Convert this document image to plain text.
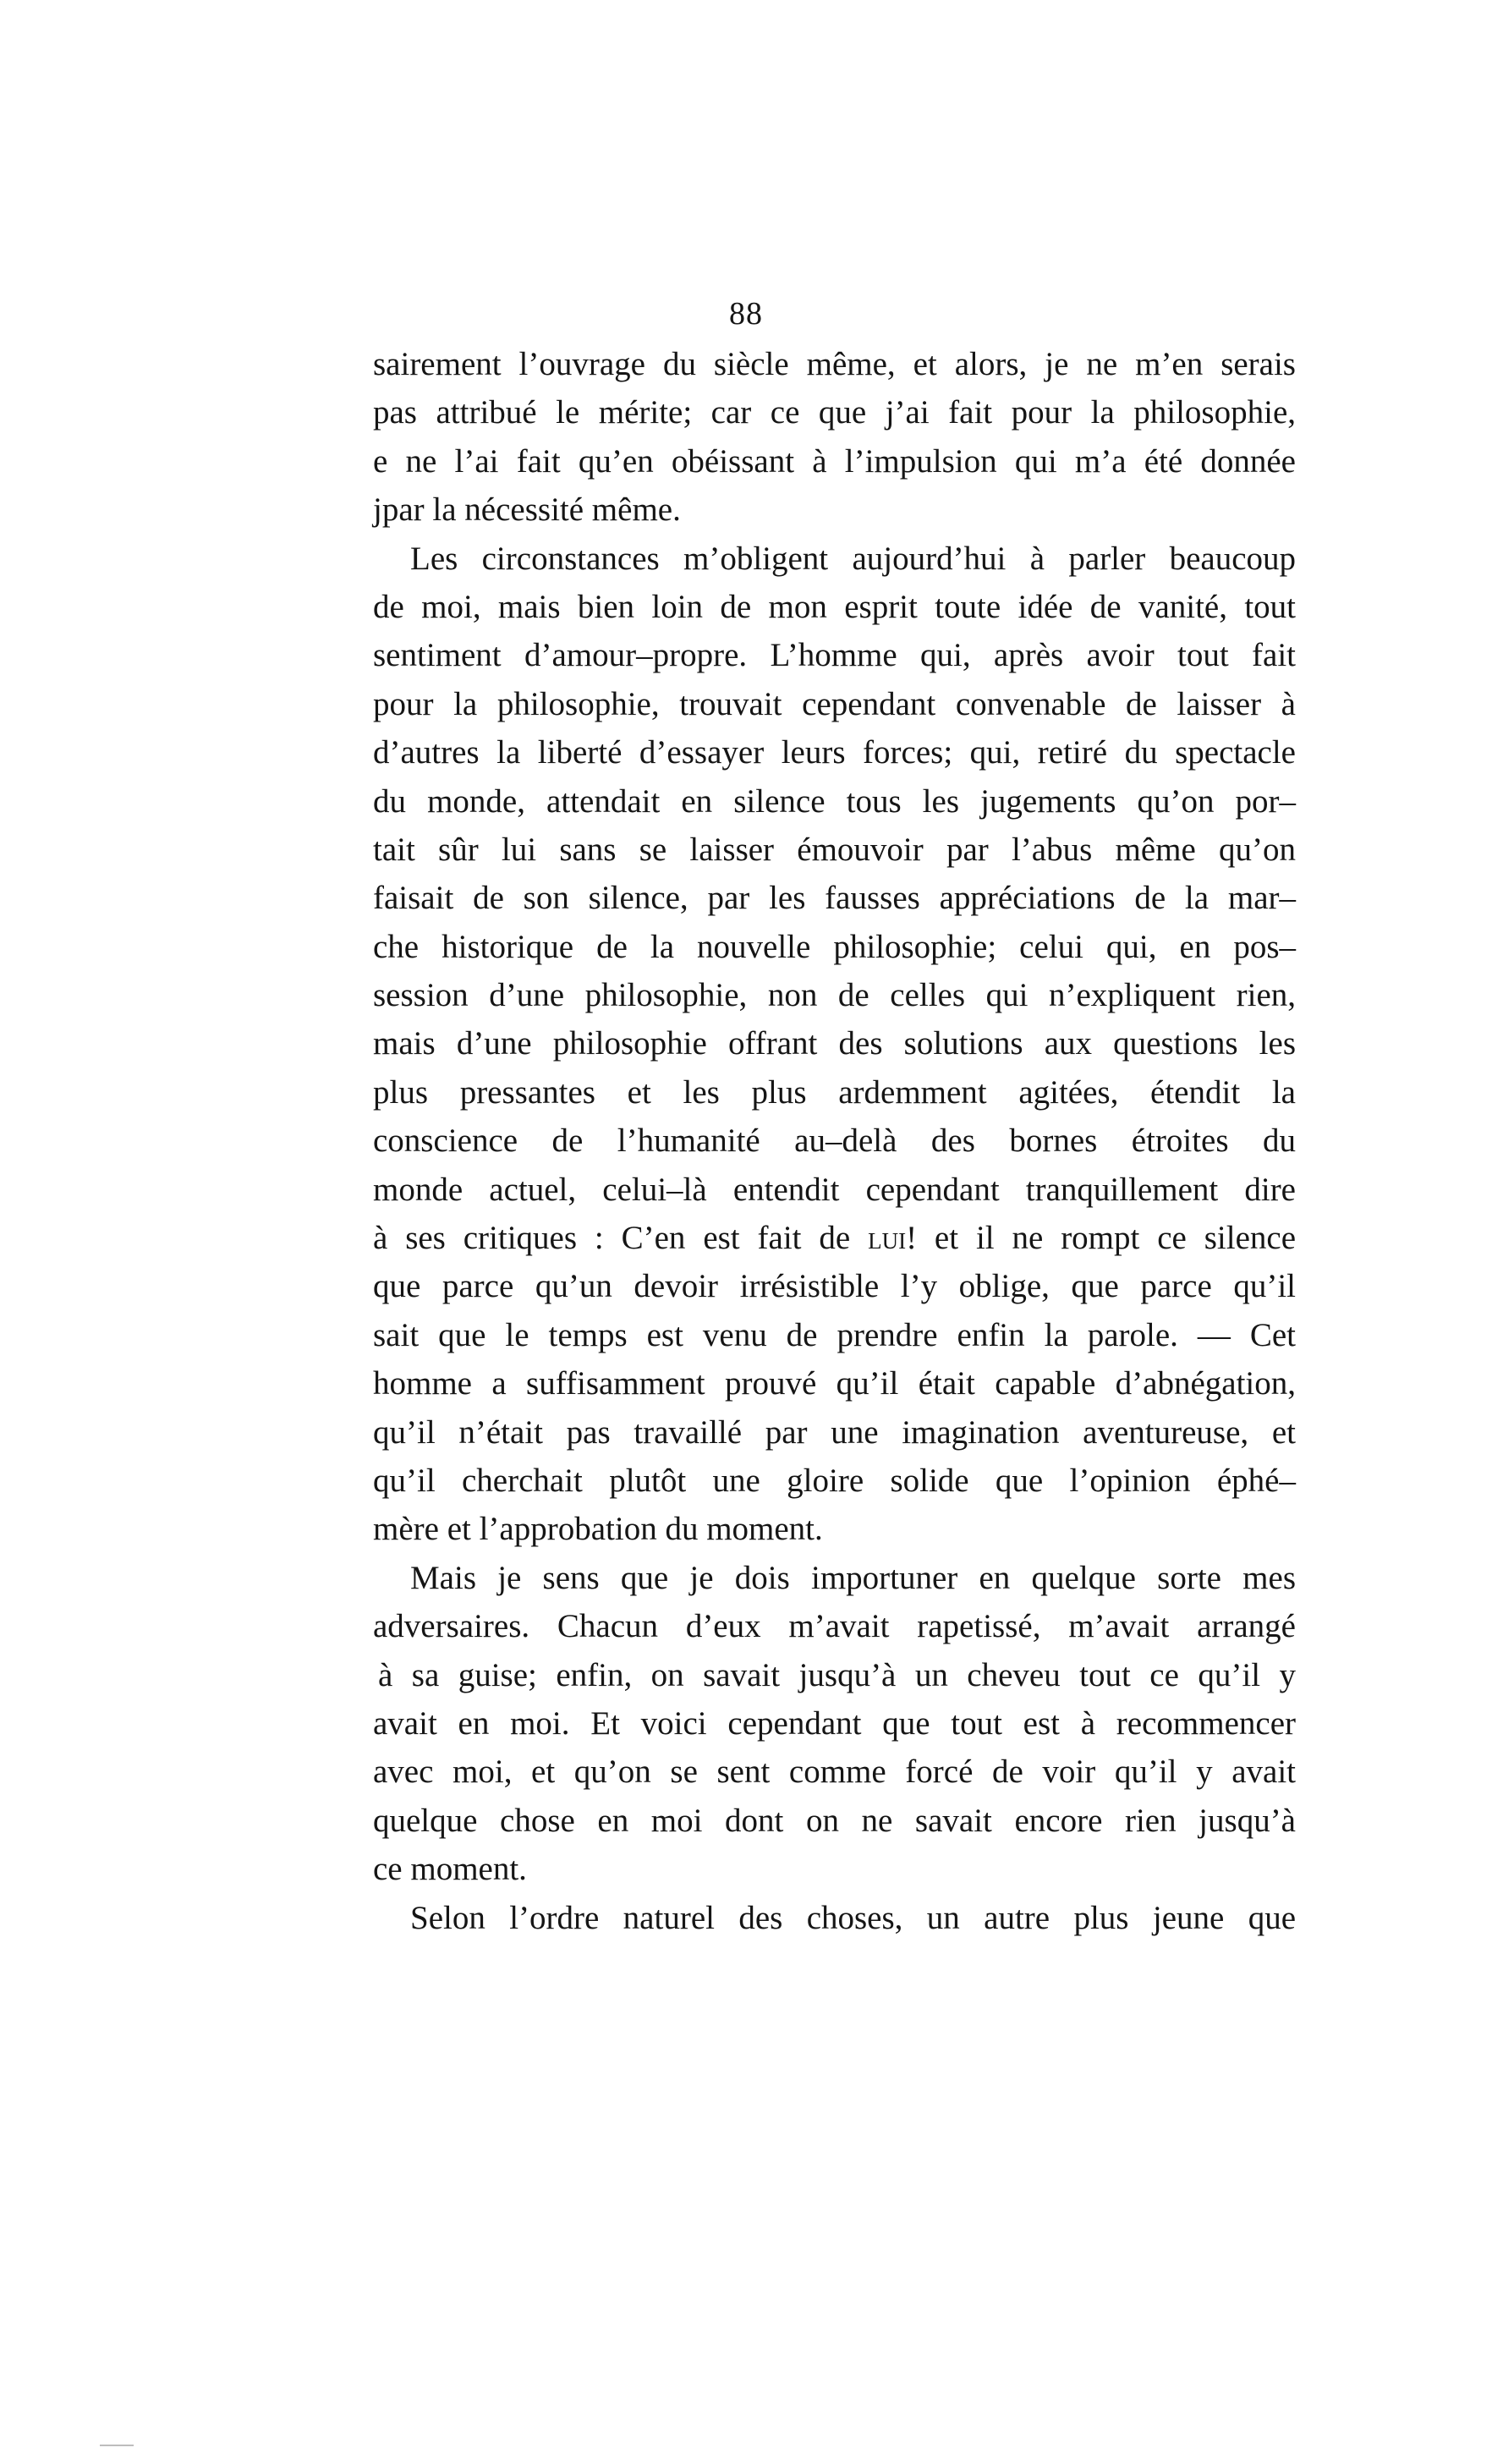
88
sairement l’ouvrage du siècle même, et alors, je ne m’en serais
pas attribué le mérite; car ce que j’ai fait pour la philosophie,
e ne l’ai fait qu’en obéissant à l’impulsion qui m’a été donnée
jpar la nécessité même.
Les circonstances m’obligent aujourd’hui à parler beaucoup
de moi, mais bien loin de mon esprit toute idée de vanité, tout
sentiment d’amour–propre. L’homme qui, après avoir tout fait
pour la philosophie, trouvait cependant convenable de laisser à
d’autres la liberté d’essayer leurs forces; qui, retiré du spectacle
du monde, attendait en silence tous les jugements qu’on por–
tait sûr lui sans se laisser émouvoir par l’abus même qu’on
faisait de son silence, par les fausses appréciations de la mar–
che historique de la nouvelle philosophie; celui qui, en pos–
session d’une philosophie, non de celles qui n’expliquent rien,
mais d’une philosophie offrant des solutions aux questions les
plus pressantes et les plus ardemment agitées, étendit la
conscience de l’humanité au–delà des bornes étroites du
monde actuel, celui–là entendit cependant tranquillement dire
à ses critiques : C’en est fait de lui! et il ne rompt ce silence
que parce qu’un devoir irrésistible l’y oblige, que parce qu’il
sait que le temps est venu de prendre enfin la parole. — Cet
homme a suffisamment prouvé qu’il était capable d’abnégation,
qu’il n’était pas travaillé par une imagination aventureuse, et
qu’il cherchait plutôt une gloire solide que l’opinion éphé–
mère et l’approbation du moment.
Mais je sens que je dois importuner en quelque sorte mes
adversaires. Chacun d’eux m’avait rapetissé, m’avait arrangé
à sa guise; enfin, on savait jusqu’à un cheveu tout ce qu’il y
avait en moi. Et voici cependant que tout est à recommencer
avec moi, et qu’on se sent comme forcé de voir qu’il y avait
quelque chose en moi dont on ne savait encore rien jusqu’à
ce moment.
Selon l’ordre naturel des choses, un autre plus jeune que
